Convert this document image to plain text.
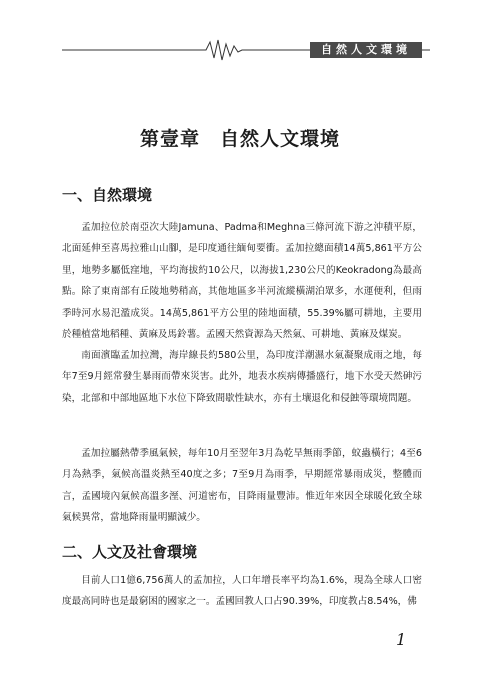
自然人文環境
第壹章　自然人文環境
一、自然環境

孟加拉位於南亞次大陸Jamuna、Padma和Meghna三條河流下游之沖積平原，北面延伸至喜馬拉雅山山腳，是印度通往緬甸要衝。孟加拉總面積14萬5,861平方公里，地勢多屬低窪地，平均海拔約10公尺，以海拔1,230公尺的Keokradong為最高點。除了東南部有丘陵地勢稍高，其他地區多半河流縱橫湖泊眾多，水運便利，但雨季時河水易氾濫成災。14萬5,861平方公里的陸地面積，55.39%屬可耕地，主要用於種植當地稻種、黃麻及馬鈴薯。孟國天然資源為天然氣、可耕地、黃麻及煤炭。

南面濱臨孟加拉灣，海岸線長約580公里，為印度洋潮濕水氣凝聚成雨之地，每年7至9月經常發生暴雨而帶來災害。此外，地表水疾病傳播盛行，地下水受天然砷污染，北部和中部地區地下水位下降致間歇性缺水，亦有土壤退化和侵蝕等環境問題。

孟加拉屬熱帶季風氣候，每年10月至翌年3月為乾旱無雨季節，蚊蟲橫行；4至6月為熱季，氣候高溫炎熱至40度之多；7至9月為雨季，早期經常暴雨成災，整體而言，孟國境內氣候高溫多溼、河道密布，目降雨量豐沛。惟近年來因全球暖化致全球氣候異常，當地降雨量明顯減少。

二、人文及社會環境

目前人口1億6,756萬人的孟加拉，人口年增長率平均為1.6%，現為全球人口密度最高同時也是最窮困的國家之一。孟國回教人口占90.39%，印度教占8.54%，佛

1
